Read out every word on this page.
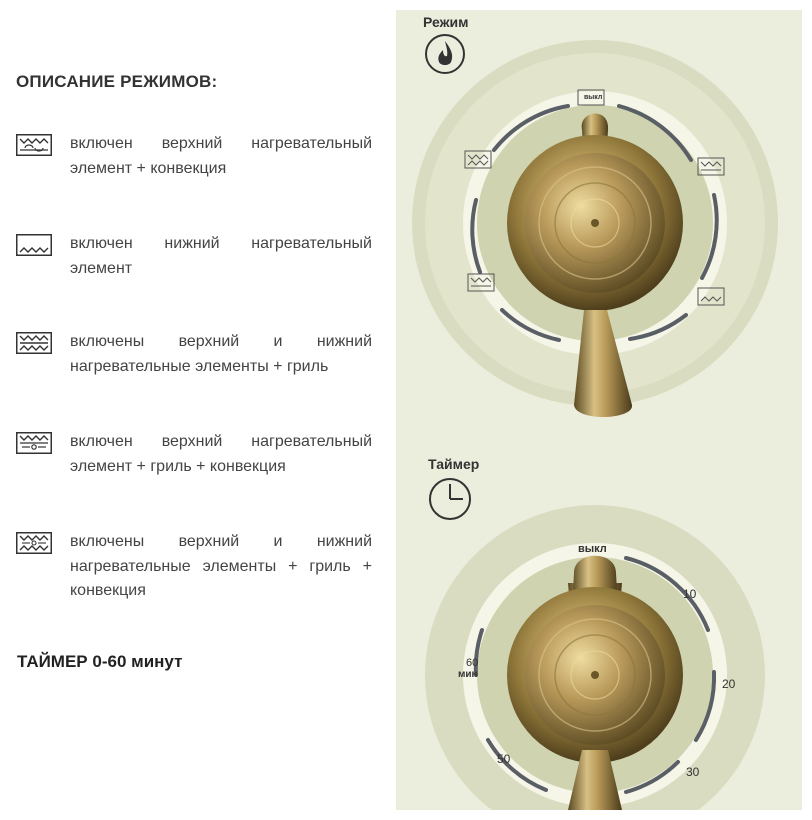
ОПИСАНИЕ РЕЖИМОВ:
включен верхний нагревательный элемент + конвекция
включен нижний нагревательный элемент
включены верхний и нижний нагревательные элементы + гриль
включен верхний нагревательный элемент + гриль + конвекция
включены верхний и нижний нагревательные элементы + гриль + конвекция
ТАЙМЕР 0-60 минут
Режим
Таймер
выкл
выкл
10
20
30
50
60
мин
